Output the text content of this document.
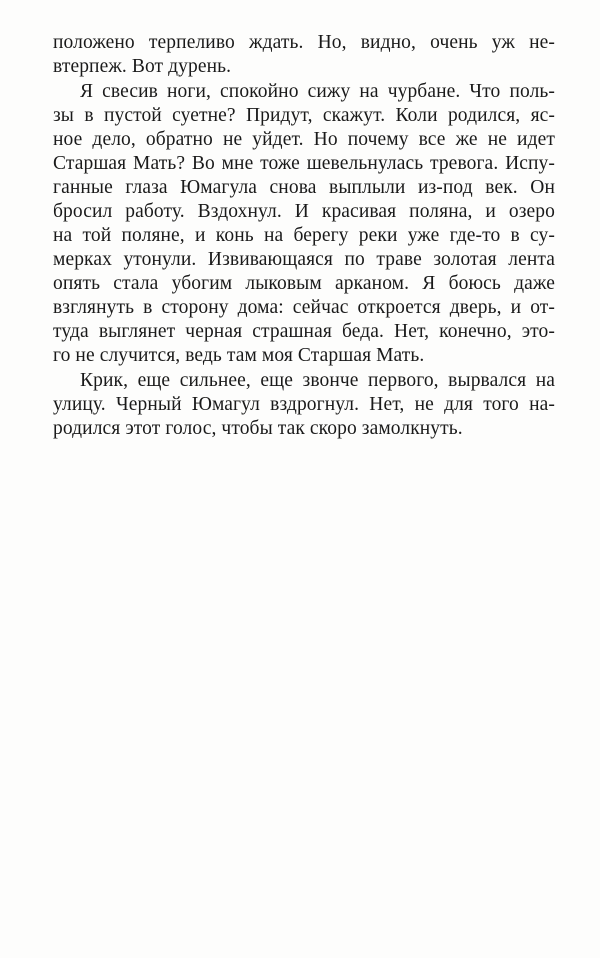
положено терпеливо ждать. Но, видно, очень уж не-
втерпеж. Вот дурень.
Я свесив ноги, спокойно сижу на чурбане. Что поль-
зы в пустой суетне? Придут, скажут. Коли родился, яс-
ное дело, обратно не уйдет. Но почему все же не идет
Старшая Мать? Во мне тоже шевельнулась тревога. Испу-
ганные глаза Юмагула снова выплыли из-под век. Он
бросил работу. Вздохнул. И красивая поляна, и озеро
на той поляне, и конь на берегу реки уже где-то в су-
мерках утонули. Извивающаяся по траве золотая лента
опять стала убогим лыковым арканом. Я боюсь даже
взглянуть в сторону дома: сейчас откроется дверь, и от-
туда выглянет черная страшная беда. Нет, конечно, это-
го не случится, ведь там моя Старшая Мать.
Крик, еще сильнее, еще звонче первого, вырвался на
улицу. Черный Юмагул вздрогнул. Нет, не для того на-
родился этот голос, чтобы так скоро замолкнуть.
